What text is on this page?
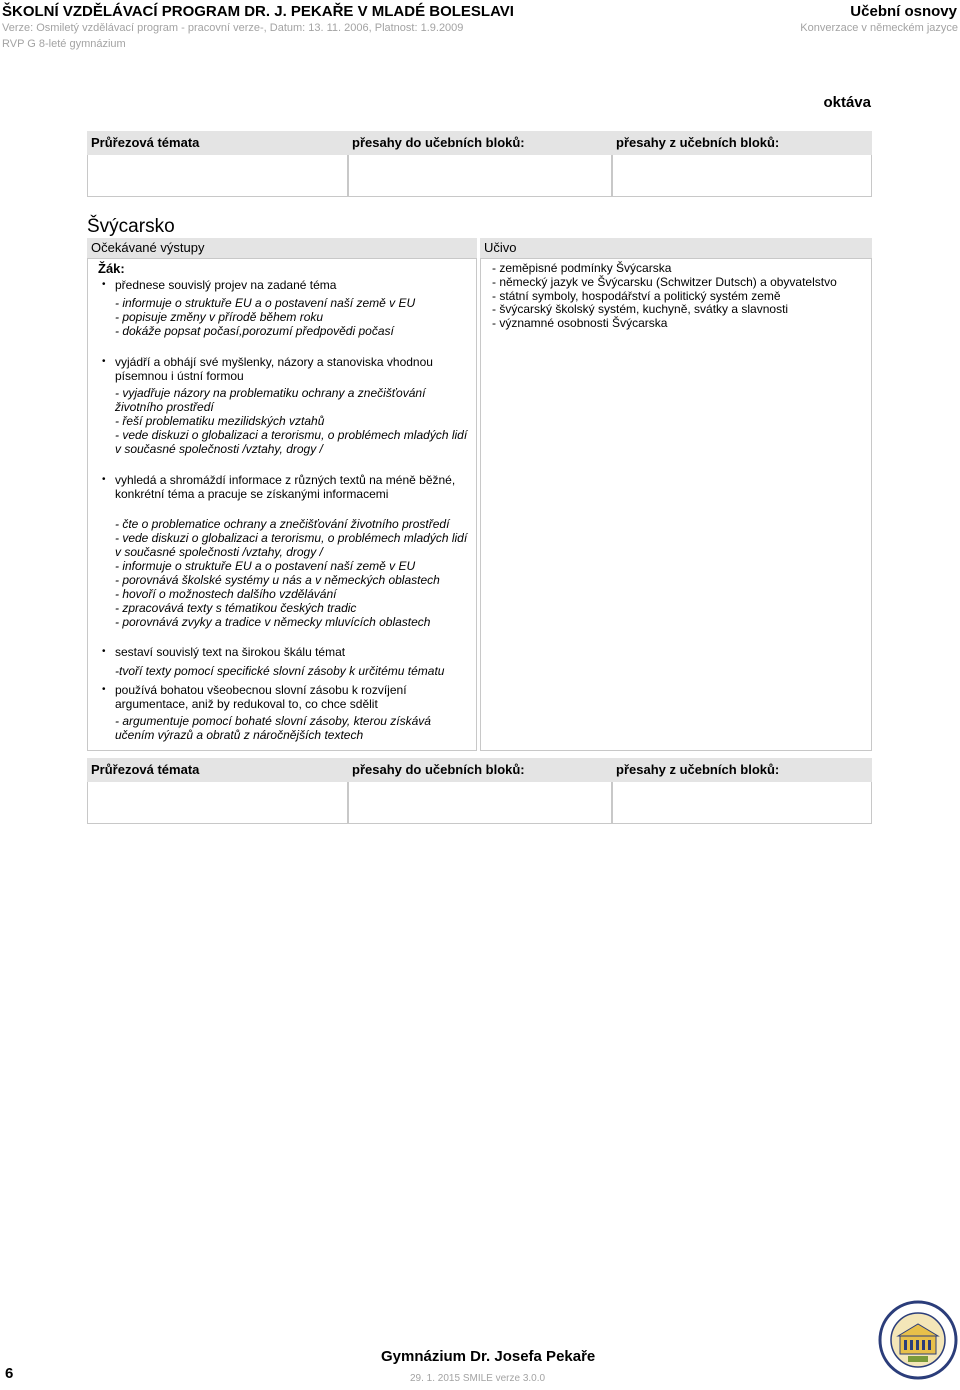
ŠKOLNÍ VZDĚLÁVACÍ PROGRAM DR. J. PEKAŘE V MLADÉ BOLESLAVI	Učební osnovy
Verze: Osmiletý vzdělávací program - pracovní verze-, Datum: 13. 11. 2006, Platnost: 1.9.2009	Konverzace v německém jazyce
RVP G 8-leté gymnázium
oktáva
Průřezová témata	přesahy do učebních bloků:	přesahy z učebních bloků:
Švýcarsko
Očekávané výstupy
Žák:
• přednese souvislý projev na zadané téma
- informuje o struktuře EU a o postavení naší země v EU
- popisuje změny v přírodě během roku
- dokáže popsat počasí,porozumí předpovědi počasí
• vyjádří a obhájí své myšlenky, názory a stanoviska vhodnou
písemnou i ústní formou
- vyjadřuje názory na problematiku ochrany a znečišťování
životního prostředí
- řeší problematiku mezilidských vztahů
- vede diskuzi o globalizaci a terorismu, o problémech mladých lidí
v současné společnosti /vztahy, drogy /
• vyhledá a shromáždí informace z různých textů na méně běžné,
konkrétní téma a pracuje se získanými informacemi
- čte o problematice ochrany a znečišťování životního prostředí
- vede diskuzi o globalizaci a terorismu, o problémech mladých lidí
v současné společnosti /vztahy, drogy /
- informuje o struktuře EU a o postavení naší země v EU
- porovnává školské systémy u nás a v německých oblastech
- hovoří o možnostech dalšího vzdělávání
- zpracovává texty s tématikou českých tradic
- porovnává zvyky a tradice v německy mluvících oblastech
• sestaví souvislý text na širokou škálu témat
-tvoří texty pomocí specifické slovní zásoby k určitému tématu
• používá bohatou všeobecnou slovní zásobu k rozvíjení
argumentace, aniž by redukoval to, co chce sdělit
- argumentuje pomocí bohaté slovní zásoby, kterou získává
učením výrazů a obratů z náročnějších textech
Učivo
- zeměpisné podmínky Švýcarska
- německý jazyk ve Švýcarsku (Schwitzer Dutsch) a obyvatelstvo
- státní symboly, hospodářství a politický systém země
- švýcarský školský systém, kuchyně, svátky a slavnosti
- významné osobnosti Švýcarska
Průřezová témata	přesahy do učebních bloků:	přesahy z učebních bloků:
6
Gymnázium Dr. Josefa Pekaře
29. 1. 2015 SMILE verze 3.0.0
